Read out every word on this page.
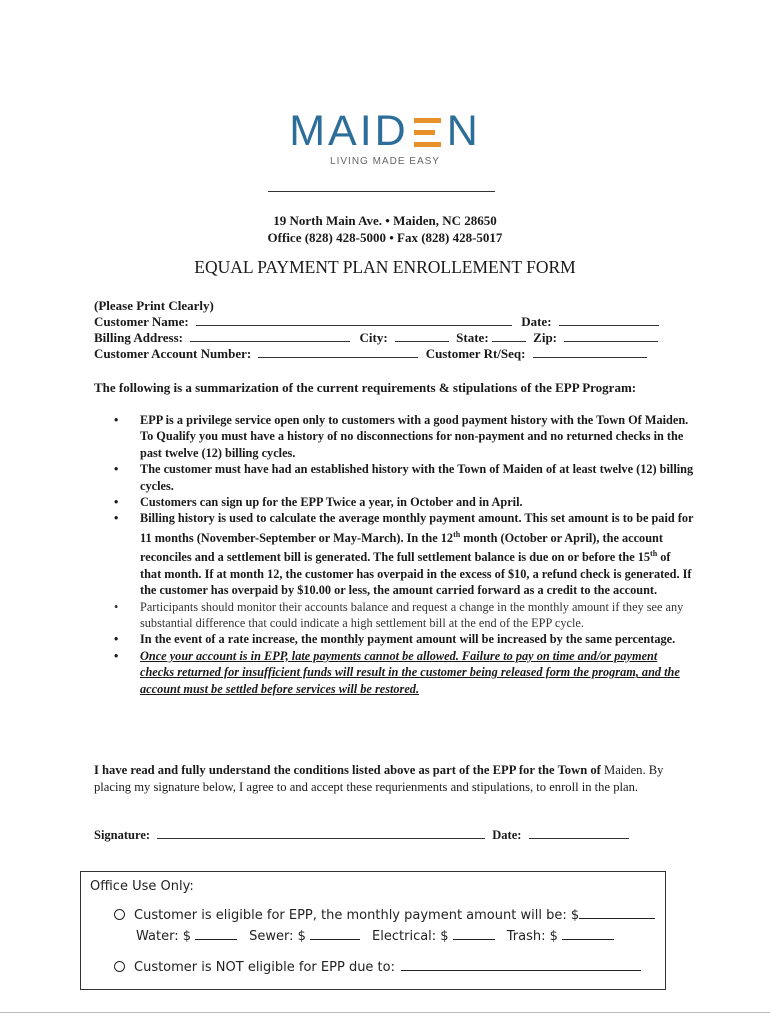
MAID N
LIVING MADE EASY
19 North Main Ave. • Maiden, NC 28650
Office (828) 428-5000 • Fax (828) 428-5017
EQUAL PAYMENT PLAN ENROLLEMENT FORM
(Please Print Clearly)
Customer Name:	Date:
Billing Address:	City:	State:	Zip:
Customer Account Number:	Customer Rt/Seq:
The following is a summarization of the current requirements & stipulations of the EPP Program:
• EPP is a privilege service open only to customers with a good payment history with the Town Of Maiden. To Qualify you must have a history of no disconnections for non-payment and no returned checks in the past twelve (12) billing cycles.
• The customer must have had an established history with the Town of Maiden of at least twelve (12) billing cycles.
• Customers can sign up for the EPP Twice a year, in October and in April.
• Billing history is used to calculate the average monthly payment amount. This set amount is to be paid for 11 months (November-September or May-March). In the 12th month (October or April), the account reconciles and a settlement bill is generated. The full settlement balance is due on or before the 15th of that month. If at month 12, the customer has overpaid in the excess of $10, a refund check is generated. If the customer has overpaid by $10.00 or less, the amount carried forward as a credit to the account.
• Participants should monitor their accounts balance and request a change in the monthly amount if they see any substantial difference that could indicate a high settlement bill at the end of the EPP cycle.
• In the event of a rate increase, the monthly payment amount will be increased by the same percentage.
• Once your account is in EPP, late payments cannot be allowed. Failure to pay on time and/or payment checks returned for insufficient funds will result in the customer being released form the program, and the account must be settled before services will be restored.
I have read and fully understand the conditions listed above as part of the EPP for the Town of Maiden. By placing my signature below, I agree to and accept these requrienments and stipulations, to enroll in the plan.
Signature:	Date:
Office Use Only:
Customer is eligible for EPP, the monthly payment amount will be: $
Water: $	Sewer: $	Electrical: $	Trash: $
Customer is NOT eligible for EPP due to:
